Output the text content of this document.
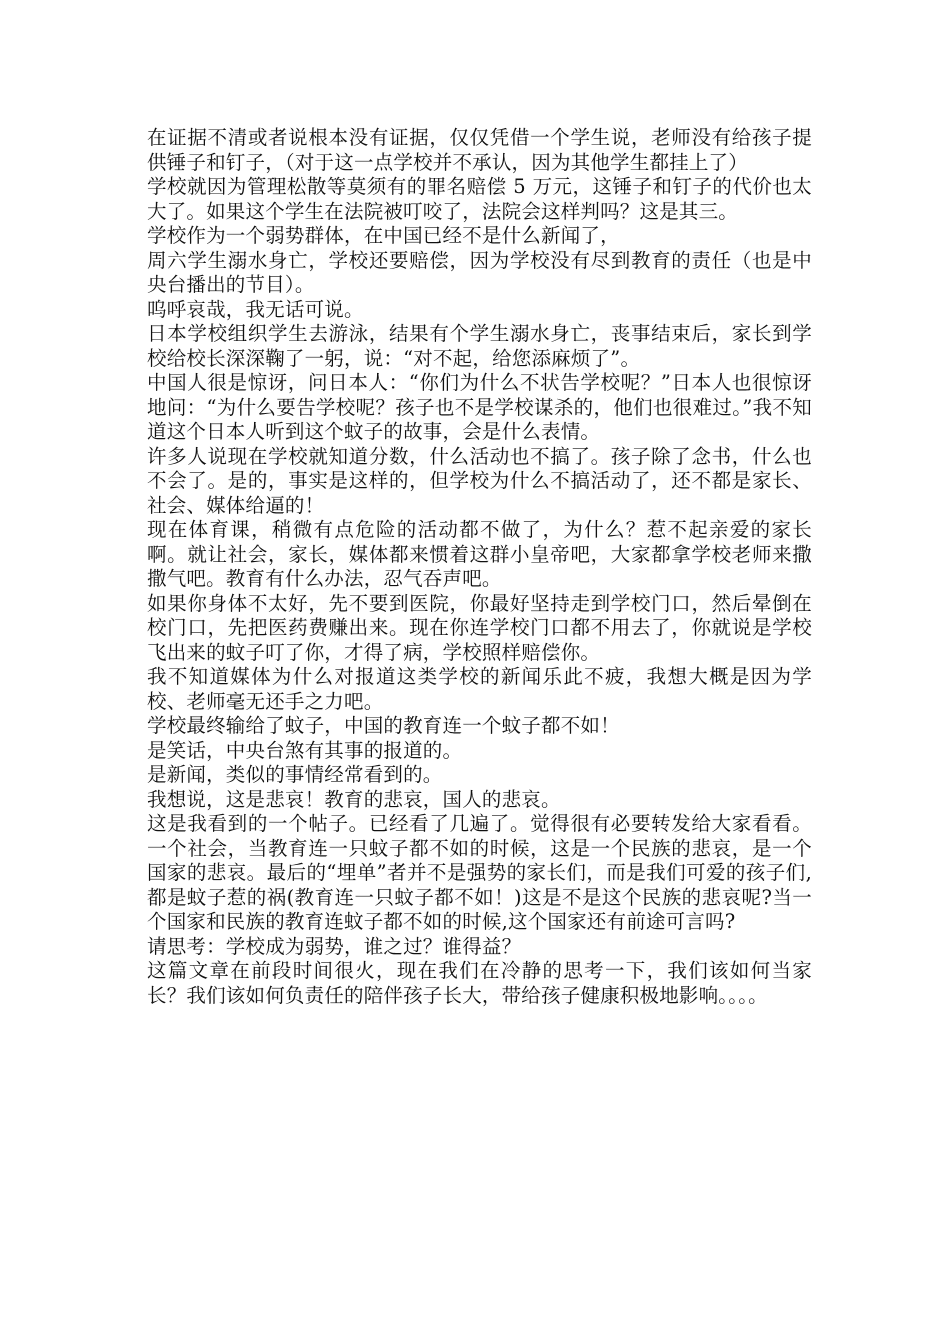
在证据不清或者说根本没有证据，仅仅凭借一个学生说，老师没有给孩子提供锤子和钉子，（对于这一点学校并不承认，因为其他学生都挂上了）

学校就因为管理松散等莫须有的罪名赔偿 5 万元，这锤子和钉子的代价也太大了。如果这个学生在法院被叮咬了，法院会这样判吗？这是其三。

学校作为一个弱势群体，在中国已经不是什么新闻了，

周六学生溺水身亡，学校还要赔偿，因为学校没有尽到教育的责任（也是中央台播出的节目）。

呜呼哀哉，我无话可说。

日本学校组织学生去游泳，结果有个学生溺水身亡，丧事结束后，家长到学校给校长深深鞠了一躬，说：“对不起，给您添麻烦了”。

中国人很是惊讶，问日本人：“你们为什么不状告学校呢？”日本人也很惊讶地问：“为什么要告学校呢？孩子也不是学校谋杀的，他们也很难过。”我不知道这个日本人听到这个蚊子的故事，会是什么表情。

许多人说现在学校就知道分数，什么活动也不搞了。孩子除了念书，什么也不会了。是的，事实是这样的，但学校为什么不搞活动了，还不都是家长、社会、媒体给逼的！

现在体育课，稍微有点危险的活动都不做了，为什么？惹不起亲爱的家长啊。就让社会，家长，媒体都来惯着这群小皇帝吧，大家都拿学校老师来撒撒气吧。教育有什么办法，忍气吞声吧。

如果你身体不太好，先不要到医院，你最好坚持走到学校门口，然后晕倒在校门口，先把医药费赚出来。现在你连学校门口都不用去了，你就说是学校飞出来的蚊子叮了你，才得了病，学校照样赔偿你。

我不知道媒体为什么对报道这类学校的新闻乐此不疲，我想大概是因为学校、老师毫无还手之力吧。

学校最终输给了蚊子，中国的教育连一个蚊子都不如！

是笑话，中央台煞有其事的报道的。

是新闻，类似的事情经常看到的。

我想说，这是悲哀！教育的悲哀，国人的悲哀。

这是我看到的一个帖子。已经看了几遍了。觉得很有必要转发给大家看看。一个社会，当教育连一只蚊子都不如的时候，这是一个民族的悲哀，是一个国家的悲哀。最后的“埋单”者并不是强势的家长们，而是我们可爱的孩子们,都是蚊子惹的祸(教育连一只蚊子都不如！)这是不是这个民族的悲哀呢?当一个国家和民族的教育连蚊子都不如的时候,这个国家还有前途可言吗?

请思考：学校成为弱势，谁之过？谁得益？

这篇文章在前段时间很火，现在我们在冷静的思考一下，我们该如何当家长？我们该如何负责任的陪伴孩子长大，带给孩子健康积极地影响。。。。
